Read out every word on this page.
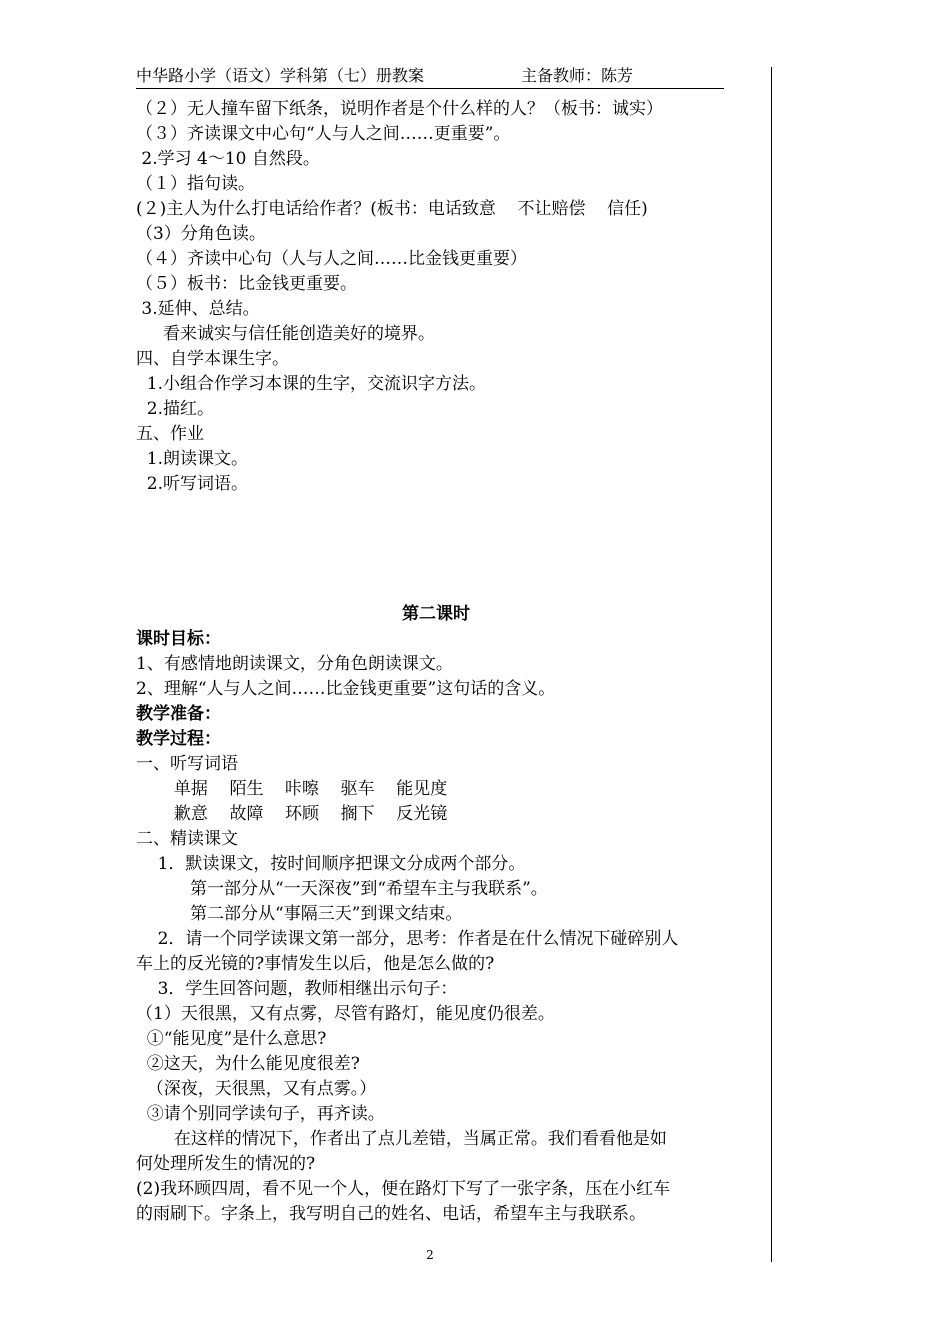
中华路小学（语文）学科第（七）册教案	主备教师：陈芳
（２）无人撞车留下纸条，说明作者是个什么样的人？（板书：诚实）
（３）齐读课文中心句“人与人之间……更重要”。
2.学习 4～10 自然段。
（１）指句读。
(２)主人为什么打电话给作者？(板书：电话致意    不让赔偿    信任)
（3）分角色读。
（４）齐读中心句（人与人之间……比金钱更重要）
（５）板书：比金钱更重要。
3.延伸、总结。
看来诚实与信任能创造美好的境界。
四、自学本课生字。
1.小组合作学习本课的生字，交流识字方法。
2.描红。
五、作业
1.朗读课文。
2.听写词语。
第二课时
课时目标：
1、有感情地朗读课文，分角色朗读课文。
2、理解“人与人之间……比金钱更重要”这句话的含义。
教学准备：
教学过程：
一、听写词语
单据    陌生    咔嚓    驱车    能见度
歉意    故障    环顾    搁下    反光镜
二、精读课文
1．默读课文，按时间顺序把课文分成两个部分。
第一部分从“一天深夜”到“希望车主与我联系”。
第二部分从“事隔三天”到课文结束。
2．请一个同学读课文第一部分，思考：作者是在什么情况下碰碎别人
车上的反光镜的?事情发生以后，他是怎么做的?
3．学生回答问题，教师相继出示句子：
（1）天很黑，又有点雾，尽管有路灯，能见度仍很差。
①“能见度”是什么意思?
②这天，为什么能见度很差?
（深夜，天很黑，又有点雾。）
③请个别同学读句子，再齐读。
在这样的情况下，作者出了点儿差错，当属正常。我们看看他是如
何处理所发生的情况的?
(2)我环顾四周，看不见一个人，便在路灯下写了一张字条，压在小红车
的雨刷下。字条上，我写明自己的姓名、电话，希望车主与我联系。
2
